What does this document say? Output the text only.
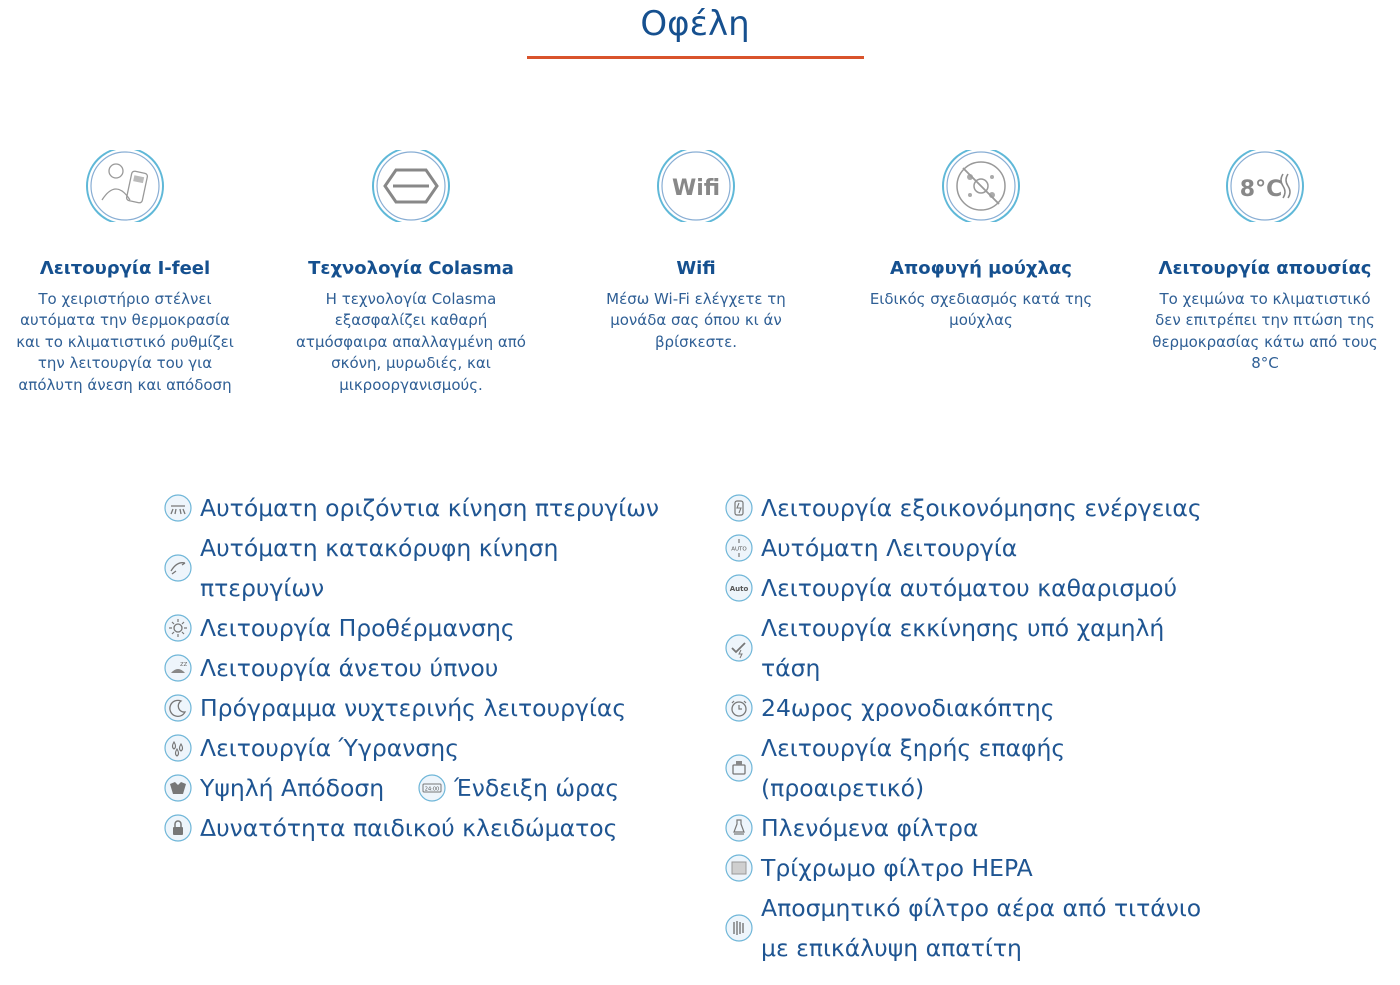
Οφέλη
Λειτουργία I-feel
Το χειριστήριο στέλνει αυτόματα την θερμοκρασία και το κλιματιστικό ρυθμίζει την λειτουργία του για απόλυτη άνεση και απόδοση
Τεχνολογία Colasma
Η τεχνολογία Colasma εξασφαλίζει καθαρή ατμόσφαιρα απαλλαγμένη από σκόνη, μυρωδιές, και μικροοργανισμούς.
Wifi
Wifi
Μέσω Wi-Fi ελέγχετε τη μονάδα σας όπου κι άν βρίσκεστε.
Αποφυγή μούχλας
Ειδικός σχεδιασμός κατά της μούχλας
8°C
Λειτουργία απουσίας
Το χειμώνα το κλιματιστικό δεν επιτρέπει την πτώση της θερμοκρασίας κάτω από τους 8°C
Αυτόματη οριζόντια κίνηση πτερυγίων
Αυτόματη κατακόρυφη κίνηση πτερυγίων
Λειτουργία Προθέρμανσης
zz Λειτουργία άνετου ύπνου
Πρόγραμμα νυχτερινής λειτουργίας
Λειτουργία Ύγρανσης
Υψηλή Απόδοση	24:00 Ένδειξη ώρας
Δυνατότητα παιδικού κλειδώματος
Λειτουργία εξοικονόμησης ενέργειας
AUTO Αυτόματη Λειτουργία
Auto Λειτουργία αυτόματου καθαρισμού
Λειτουργία εκκίνησης υπό χαμηλή τάση
24ωρος χρονοδιακόπτης
Λειτουργία ξηρής επαφής (προαιρετικό)
Πλενόμενα φίλτρα
Τρίχρωμο φίλτρο HEPA
Αποσμητικό φίλτρο αέρα από τιτάνιο με επικάλυψη απατίτη
